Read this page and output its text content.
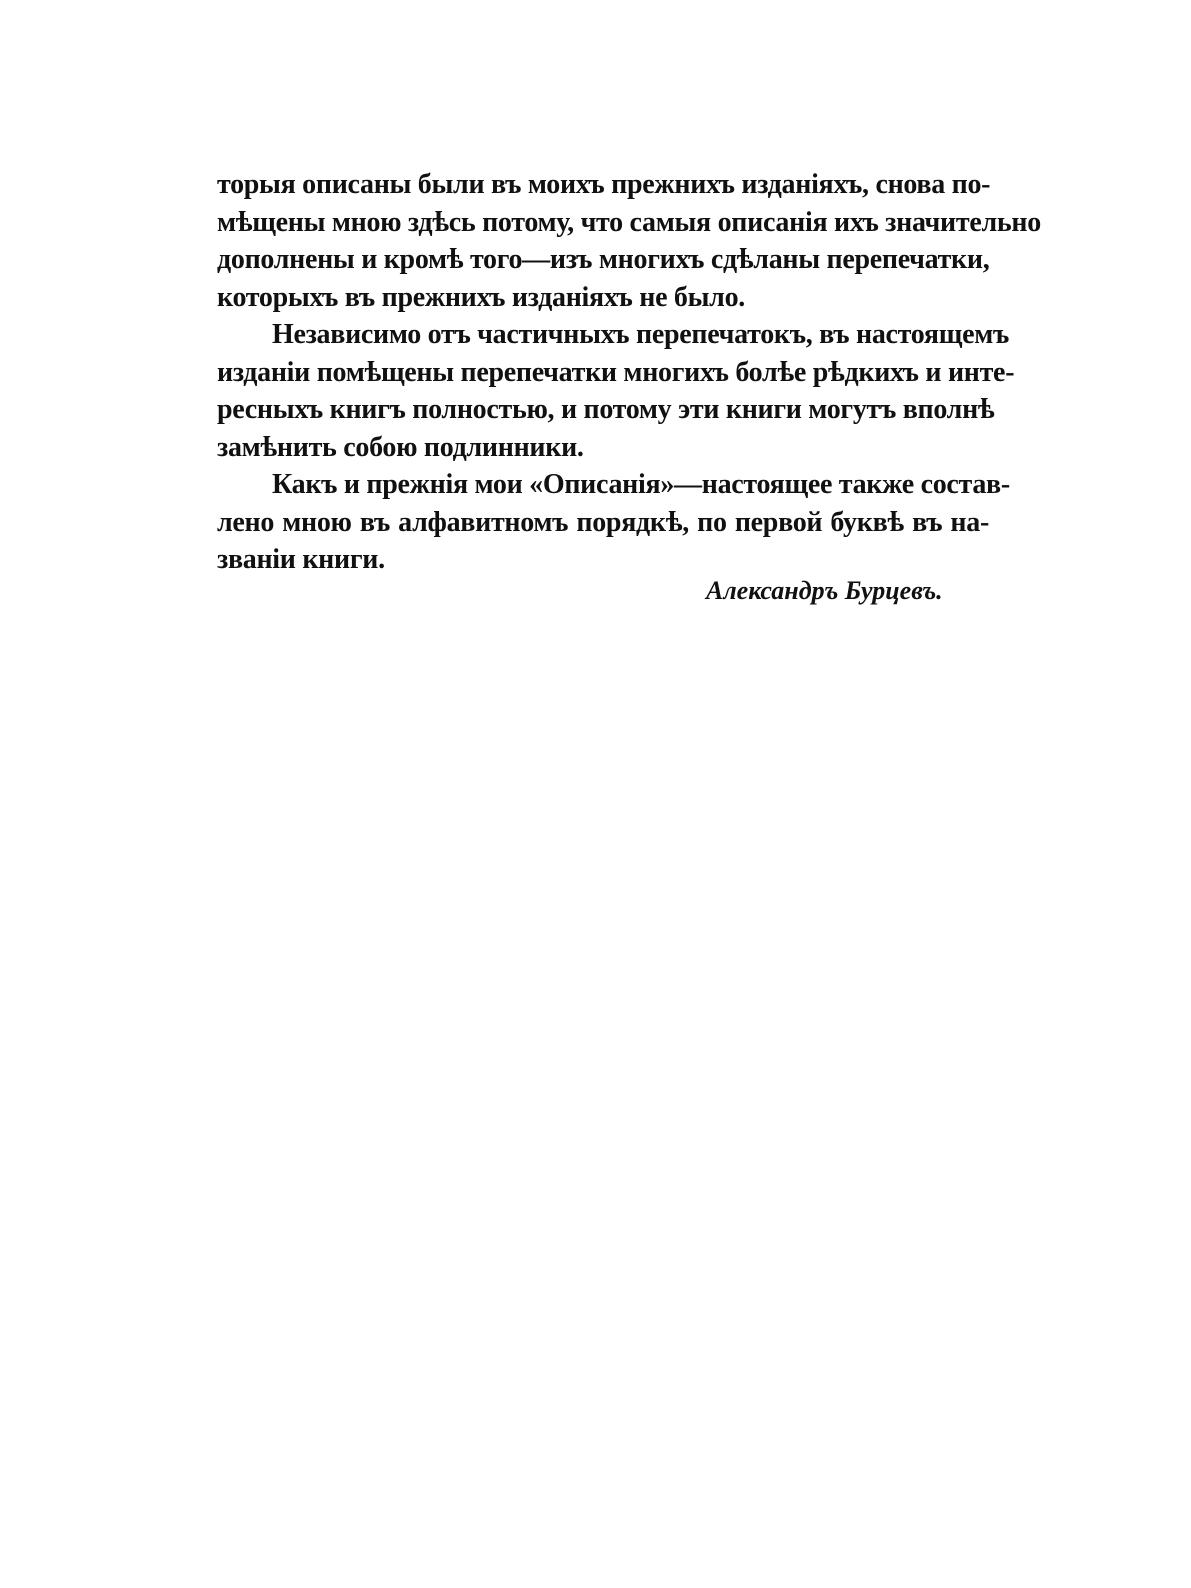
торыя описаны были въ моихъ прежнихъ изданіяхъ, снова по-
мѣщены мною здѣсь потому, что самыя описанія ихъ значительно
дополнены и кромѣ того—изъ многихъ сдѣланы перепечатки,
которыхъ въ прежнихъ изданіяхъ не было.
Независимо отъ частичныхъ перепечатокъ, въ настоящемъ
изданіи помѣщены перепечатки многихъ болѣе рѣдкихъ и инте-
ресныхъ книгъ полностью, и потому эти книги могутъ вполнѣ
замѣнить собою подлинники.
Какъ и прежнія мои «Описанія»—настоящее также состав-
лено мною въ алфавитномъ порядкѣ, по первой буквѣ въ на-
званіи книги.
Александръ Бурцевъ.
